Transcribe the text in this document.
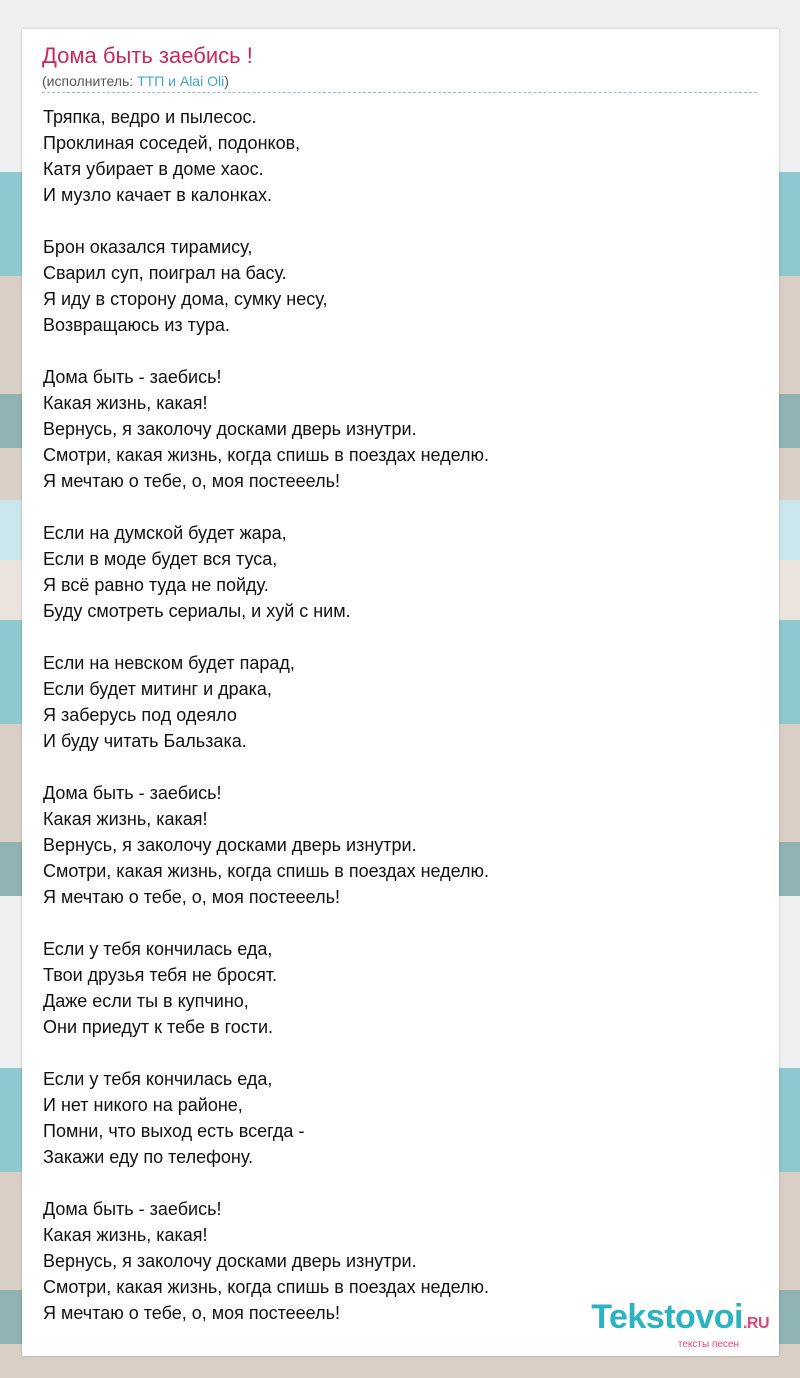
Дома быть заебись !
(исполнитель: ТТП и Alai Oli)
Тряпка, ведро и пылесос.
Проклиная соседей, подонков,
Катя убирает в доме хаос.
И музло качает в калонках.
Брон оказался тирамису,
Сварил суп, поиграл на басу.
Я иду в сторону дома, сумку несу,
Возвращаюсь из тура.
Дома быть - заебись!
Какая жизнь, какая!
Вернусь, я заколочу досками дверь изнутри.
Смотри, какая жизнь, когда спишь в поездах неделю.
Я мечтаю о тебе, о, моя постееель!
Если на думской будет жара,
Если в моде будет вся туса,
Я всё равно туда не пойду.
Буду смотреть сериалы, и хуй с ним.
Если на невском будет парад,
Если будет митинг и драка,
Я заберусь под одеяло
И буду читать Бальзака.
Дома быть - заебись!
Какая жизнь, какая!
Вернусь, я заколочу досками дверь изнутри.
Смотри, какая жизнь, когда спишь в поездах неделю.
Я мечтаю о тебе, о, моя постееель!
Если у тебя кончилась еда,
Твои друзья тебя не бросят.
Даже если ты в купчино,
Они приедут к тебе в гости.
Если у тебя кончилась еда,
И нет никого на районе,
Помни, что выход есть всегда -
Закажи еду по телефону.
Дома быть - заебись!
Какая жизнь, какая!
Вернусь, я заколочу досками дверь изнутри.
Смотри, какая жизнь, когда спишь в поездах неделю.
Я мечтаю о тебе, о, моя постееель!	Tekstovoi.RU
тексты песен
